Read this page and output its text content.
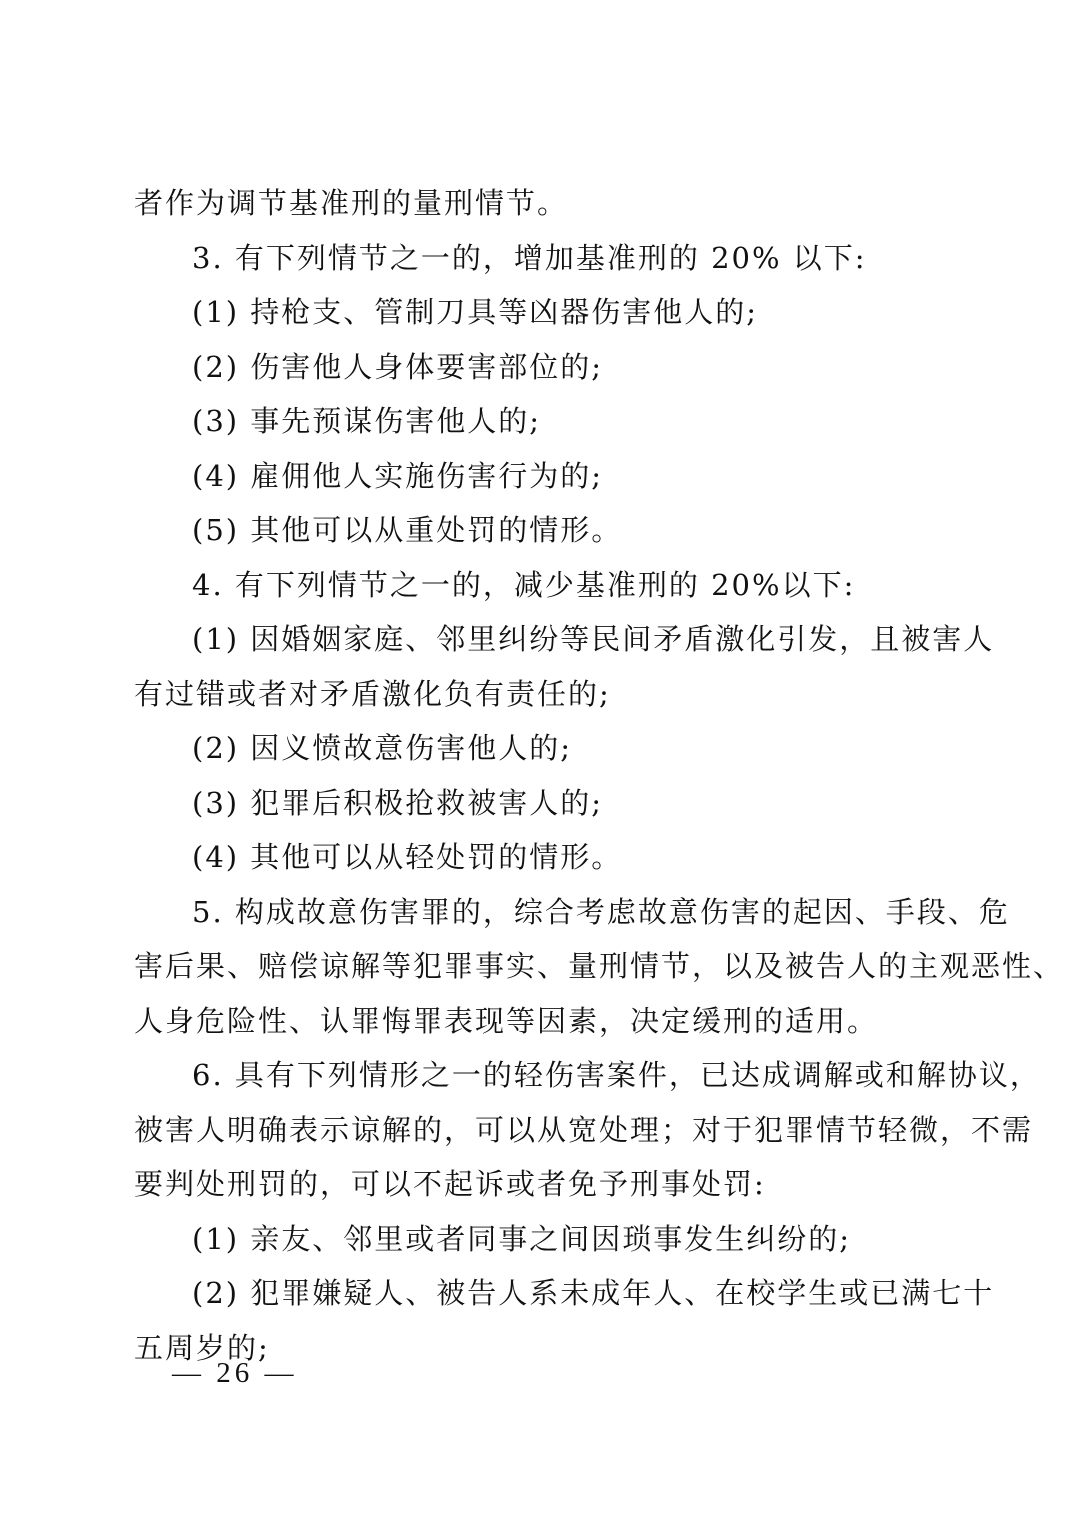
者作为调节基准刑的量刑情节。
3. 有下列情节之一的，增加基准刑的 20% 以下:
(1) 持枪支、管制刀具等凶器伤害他人的;
(2) 伤害他人身体要害部位的;
(3) 事先预谋伤害他人的;
(4) 雇佣他人实施伤害行为的;
(5) 其他可以从重处罚的情形。
4. 有下列情节之一的，减少基准刑的 20%以下:
(1) 因婚姻家庭、邻里纠纷等民间矛盾激化引发，且被害人
有过错或者对矛盾激化负有责任的;
(2) 因义愤故意伤害他人的;
(3) 犯罪后积极抢救被害人的;
(4) 其他可以从轻处罚的情形。
5. 构成故意伤害罪的，综合考虑故意伤害的起因、手段、危
害后果、赔偿谅解等犯罪事实、量刑情节，以及被告人的主观恶性、
人身危险性、认罪悔罪表现等因素，决定缓刑的适用。
6. 具有下列情形之一的轻伤害案件，已达成调解或和解协议，
被害人明确表示谅解的，可以从宽处理；对于犯罪情节轻微，不需
要判处刑罚的，可以不起诉或者免予刑事处罚:
(1) 亲友、邻里或者同事之间因琐事发生纠纷的;
(2) 犯罪嫌疑人、被告人系未成年人、在校学生或已满七十
五周岁的;
— 26 —
